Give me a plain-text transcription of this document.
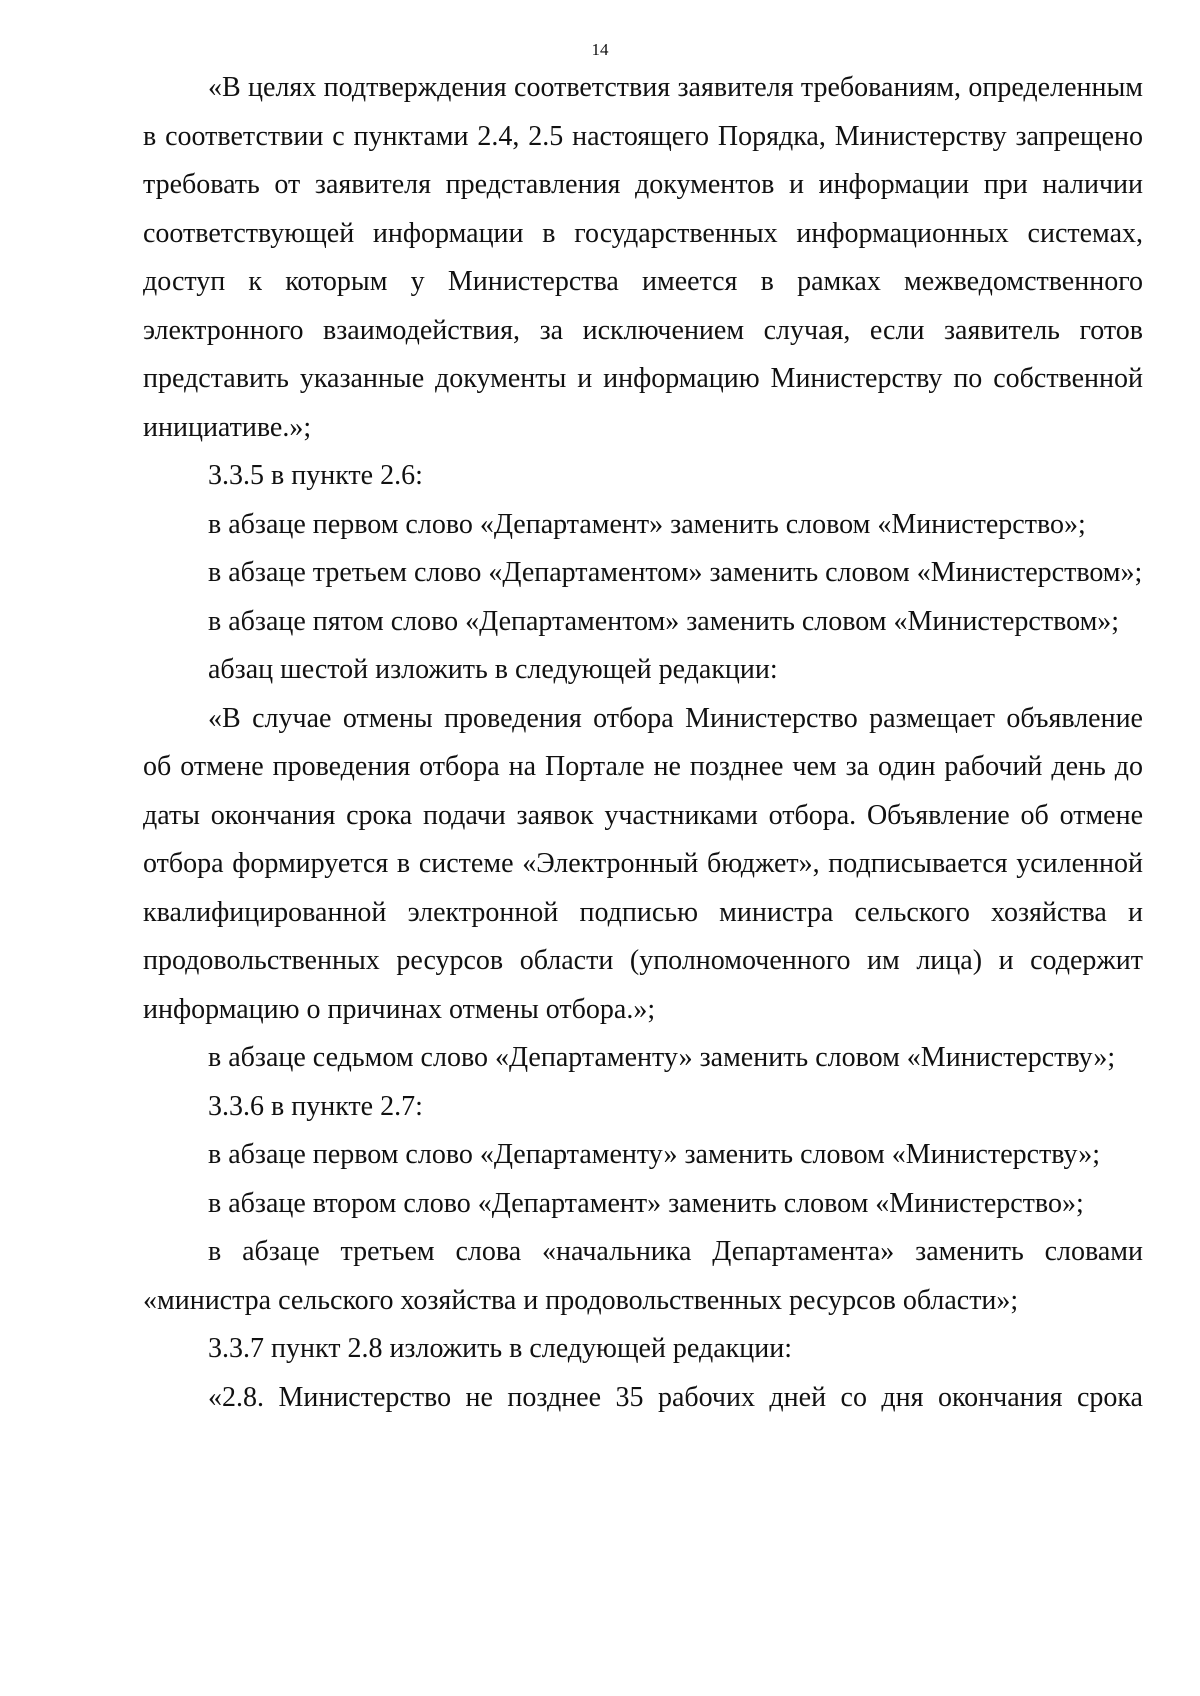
14

«В целях подтверждения соответствия заявителя требованиям, определенным в соответствии с пунктами 2.4, 2.5 настоящего Порядка, Министерству запрещено требовать от заявителя представления документов и информации при наличии соответствующей информации в государственных информационных системах, доступ к которым у Министерства имеется в рамках межведомственного электронного взаимодействия, за исключением случая, если заявитель готов представить указанные документы и информацию Министерству по собственной инициативе.»;

3.3.5 в пункте 2.6:

в абзаце первом слово «Департамент» заменить словом «Министерство»;

в абзаце третьем слово «Департаментом» заменить словом «Министерством»;

в абзаце пятом слово «Департаментом» заменить словом «Министерством»;

абзац шестой изложить в следующей редакции:

«В случае отмены проведения отбора Министерство размещает объявление об отмене проведения отбора на Портале не позднее чем за один рабочий день до даты окончания срока подачи заявок участниками отбора. Объявление об отмене отбора формируется в системе «Электронный бюджет», подписывается усиленной квалифицированной электронной подписью министра сельского хозяйства и продовольственных ресурсов области (уполномоченного им лица) и содержит информацию о причинах отмены отбора.»;

в абзаце седьмом слово «Департаменту» заменить словом «Министерству»;

3.3.6 в пункте 2.7:

в абзаце первом слово «Департаменту» заменить словом «Министерству»;

в абзаце втором слово «Департамент» заменить словом «Министерство»;

в абзаце третьем слова «начальника Департамента» заменить словами «министра сельского хозяйства и продовольственных ресурсов области»;

3.3.7 пункт 2.8 изложить в следующей редакции:

«2.8. Министерство не позднее 35 рабочих дней со дня окончания срока
